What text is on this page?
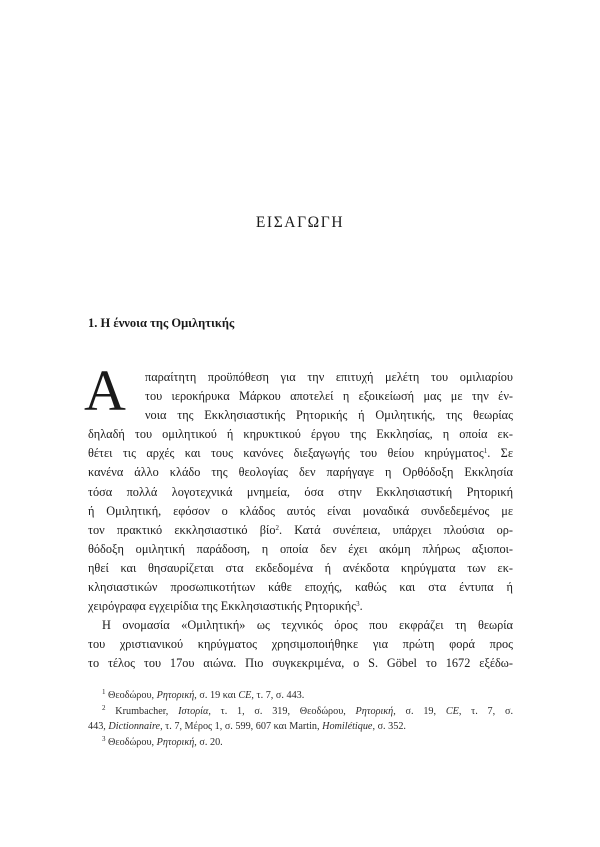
ΕΙΣΑΓΩΓΗ
1. Η έννοια της Ομιλητικής
Α	παραίτητη προϋπόθεση για την επιτυχή μελέτη του ομιλιαρίου
του ιεροκήρυκα Μάρκου αποτελεί η εξοικείωσή μας με την έν-
νοια της Εκκλησιαστικής Ρητορικής ή Ομιλητικής, της θεωρίας
δηλαδή του ομιλητικού ή κηρυκτικού έργου της Εκκλησίας, η οποία εκ-
θέτει τις αρχές και τους κανόνες διεξαγωγής του θείου κηρύγματος$^1$. Σε
κανένα άλλο κλάδο της θεολογίας δεν παρήγαγε η Ορθόδοξη Εκκλησία
τόσα πολλά λογοτεχνικά μνημεία, όσα στην Εκκλησιαστική Ρητορική
ή Ομιλητική, εφόσον ο κλάδος αυτός είναι μοναδικά συνδεδεμένος με
τον πρακτικό εκκλησιαστικό βίο$^2$. Κατά συνέπεια, υπάρχει πλούσια ορ-
θόδοξη ομιλητική παράδοση, η οποία δεν έχει ακόμη πλήρως αξιοποι-
ηθεί και θησαυρίζεται στα εκδεδομένα ή ανέκδοτα κηρύγματα των εκ-
κλησιαστικών προσωπικοτήτων κάθε εποχής, καθώς και στα έντυπα ή
χειρόγραφα εγχειρίδια της Εκκλησιαστικής Ρητορικής$^3$.
Η ονομασία «Ομιλητική» ως τεχνικός όρος που εκφράζει τη θεωρία
του χριστιανικού κηρύγματος χρησιμοποιήθηκε για πρώτη φορά προς
το τέλος του 17ου αιώνα. Πιο συγκεκριμένα, ο S. Göbel το 1672 εξέδω-
$^1$ Θεοδώρου, Ρητορική, σ. 19 και CE, τ. 7, σ. 443.
$^2$ Krumbacher, Ιστορία, τ. 1, σ. 319, Θεοδώρου, Ρητορική, σ. 19, CE, τ. 7, σ.
443, Dictionnaire, τ. 7, Μέρος 1, σ. 599, 607 και Martin, Homilétique, σ. 352.
$^3$ Θεοδώρου, Ρητορική, σ. 20.
